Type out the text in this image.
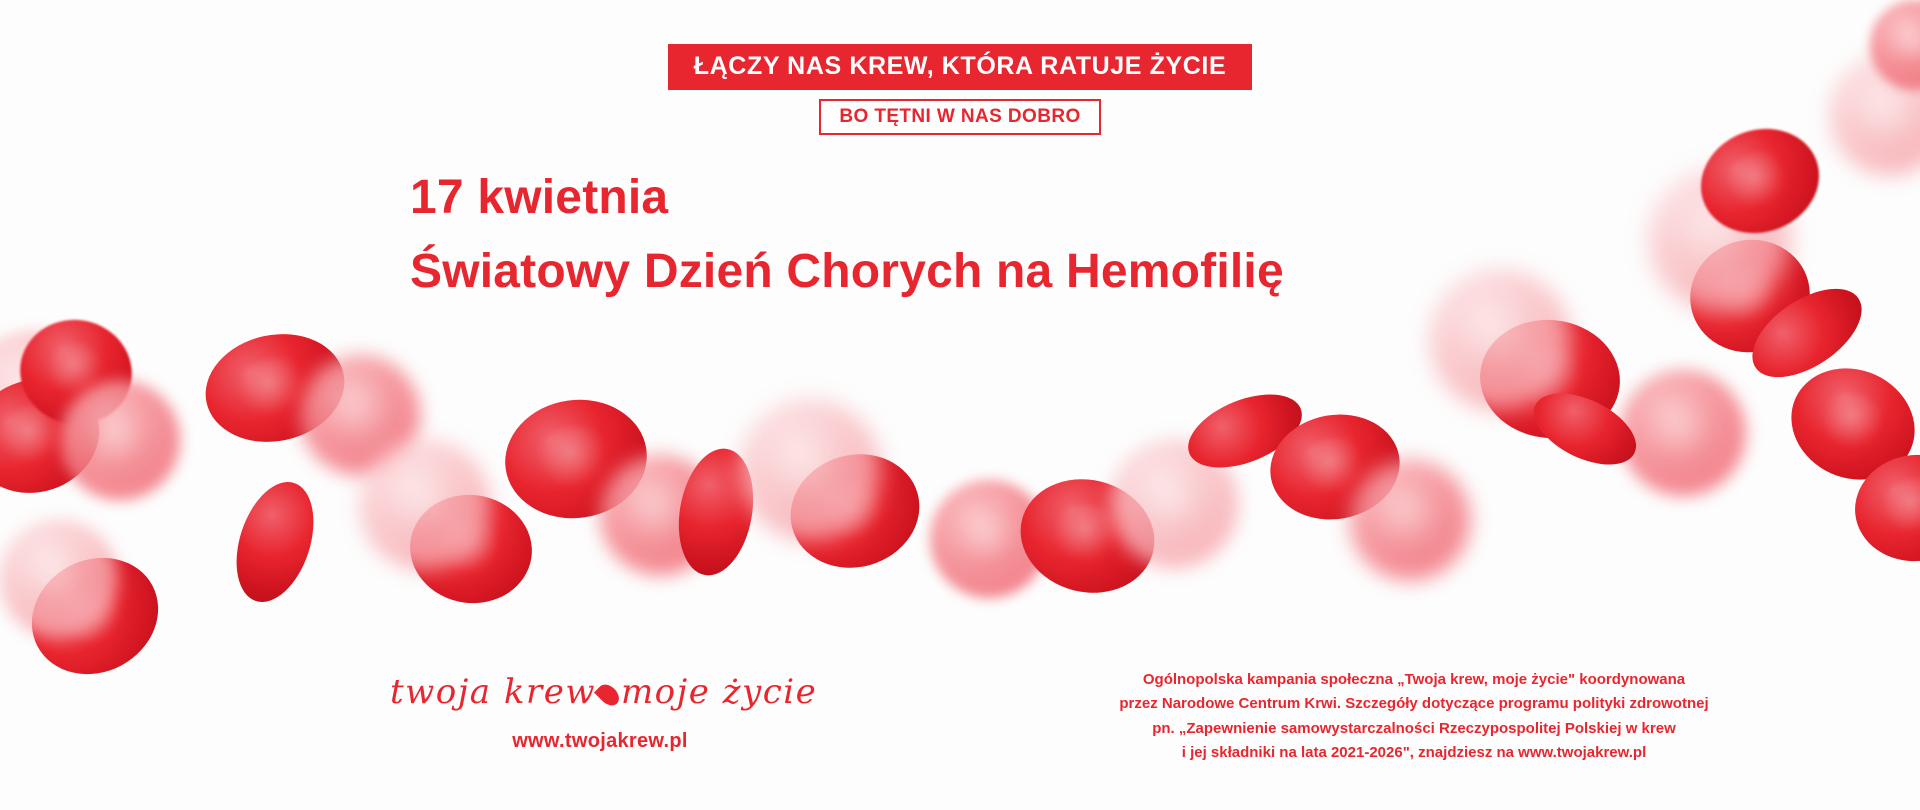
ŁĄCZY NAS KREW, KTÓRA RATUJE ŻYCIE
BO TĘTNI W NAS DOBRO
17 kwietnia
Światowy Dzień Chorych na Hemofilię
twoja krew moje życie
www.twojakrew.pl
Ogólnopolska kampania społeczna „Twoja krew, moje życie" koordynowana
przez Narodowe Centrum Krwi. Szczegóły dotyczące programu polityki zdrowotnej
pn. „Zapewnienie samowystarczalności Rzeczypospolitej Polskiej w krew
i jej składniki na lata 2021-2026", znajdziesz na www.twojakrew.pl
